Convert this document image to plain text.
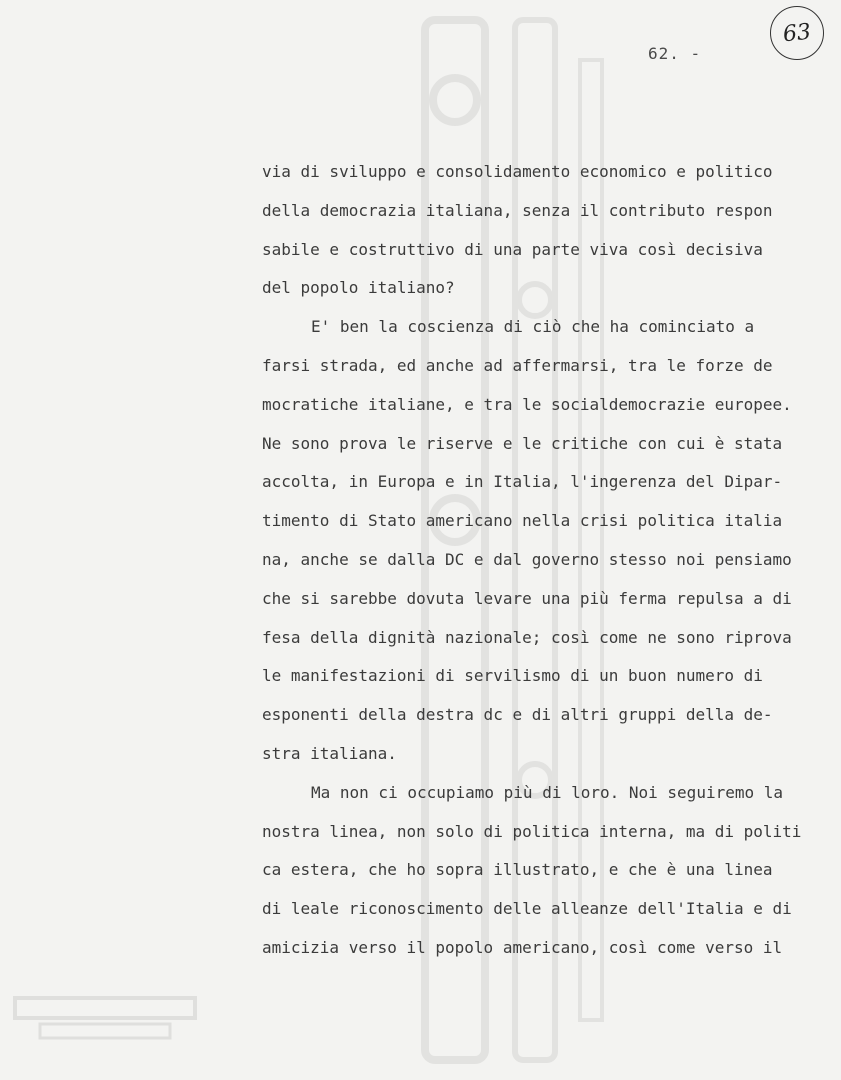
62. -
63
via di sviluppo e consolidamento economico e politico
della democrazia italiana, senza il contributo respon
sabile e costruttivo di una parte viva così decisiva
del popolo italiano?
E' ben la coscienza di ciò che ha cominciato a
farsi strada, ed anche ad affermarsi, tra le forze de
mocratiche italiane, e tra le socialdemocrazie europee.
Ne sono prova le riserve e le critiche con cui è stata
accolta, in Europa e in Italia, l'ingerenza del Dipar-
timento di Stato americano nella crisi politica italia
na, anche se dalla DC e dal governo stesso noi pensiamo
che si sarebbe dovuta levare una più ferma repulsa a di
fesa della dignità nazionale; così come ne sono riprova
le manifestazioni di servilismo di un buon numero di
esponenti della destra dc e di altri gruppi della de-
stra italiana.
Ma non ci occupiamo più di loro. Noi seguiremo la
nostra linea, non solo di politica interna, ma di politi
ca estera, che ho sopra illustrato, e che è una linea
di leale riconoscimento delle alleanze dell'Italia e di
amicizia verso il popolo americano, così come verso il
